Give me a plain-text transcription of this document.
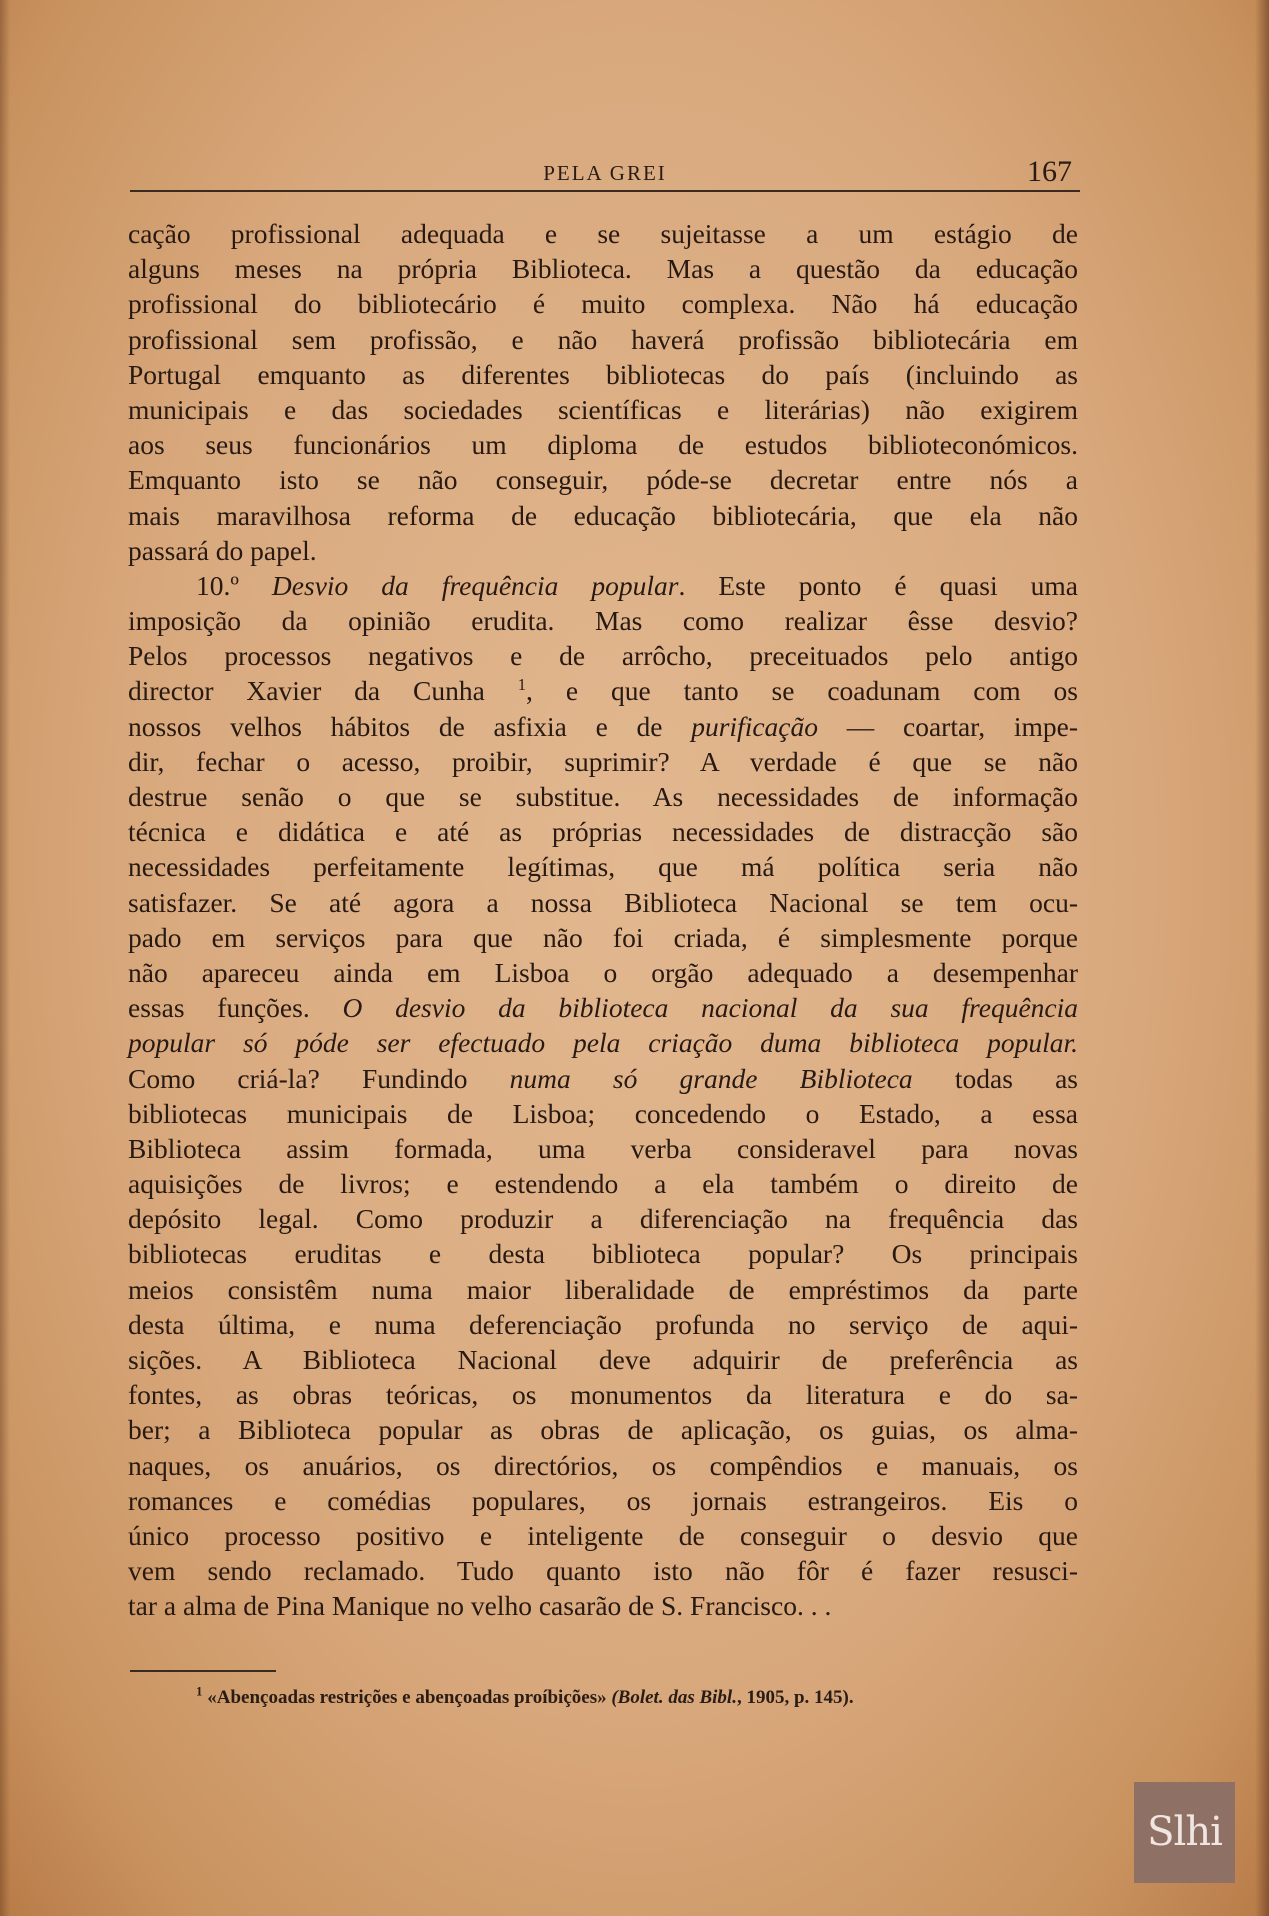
PELA GREI	167
cação profissional adequada e se sujeitasse a um estágio de
alguns meses na própria Biblioteca. Mas a questão da educação
profissional do bibliotecário é muito complexa. Não há educação
profissional sem profissão, e não haverá profissão bibliotecária em
Portugal emquanto as diferentes bibliotecas do país (incluindo as
municipais e das sociedades scientíficas e literárias) não exigirem
aos seus funcionários um diploma de estudos biblioteconómicos.
Emquanto isto se não conseguir, póde-se decretar entre nós a
mais maravilhosa reforma de educação bibliotecária, que ela não
passará do papel.
10.º Desvio da frequência popular. Este ponto é quasi uma
imposição da opinião erudita. Mas como realizar êsse desvio?
Pelos processos negativos e de arrôcho, preceituados pelo antigo
director Xavier da Cunha $^1$, e que tanto se coadunam com os
nossos velhos hábitos de asfixia e de purificação — coartar, impe-
dir, fechar o acesso, proibir, suprimir? A verdade é que se não
destrue senão o que se substitue. As necessidades de informação
técnica e didática e até as próprias necessidades de distracção são
necessidades perfeitamente legítimas, que má política seria não
satisfazer. Se até agora a nossa Biblioteca Nacional se tem ocu-
pado em serviços para que não foi criada, é simplesmente porque
não apareceu ainda em Lisboa o orgão adequado a desempenhar
essas funções. O desvio da biblioteca nacional da sua frequência
popular só póde ser efectuado pela criação duma biblioteca popular.
Como criá-la? Fundindo numa só grande Biblioteca todas as
bibliotecas municipais de Lisboa; concedendo o Estado, a essa
Biblioteca assim formada, uma verba consideravel para novas
aquisições de livros; e estendendo a ela também o direito de
depósito legal. Como produzir a diferenciação na frequência das
bibliotecas eruditas e desta biblioteca popular? Os principais
meios consistêm numa maior liberalidade de empréstimos da parte
desta última, e numa deferenciação profunda no serviço de aqui-
sições. A Biblioteca Nacional deve adquirir de preferência as
fontes, as obras teóricas, os monumentos da literatura e do sa-
ber; a Biblioteca popular as obras de aplicação, os guias, os alma-
naques, os anuários, os directórios, os compêndios e manuais, os
romances e comédias populares, os jornais estrangeiros. Eis o
único processo positivo e inteligente de conseguir o desvio que
vem sendo reclamado. Tudo quanto isto não fôr é fazer resusci-
tar a alma de Pina Manique no velho casarão de S. Francisco. . .
$^1$ «Abençoadas restrições e abençoadas proíbições» (Bolet. das Bibl., 1905, p. 145).
Slhi
